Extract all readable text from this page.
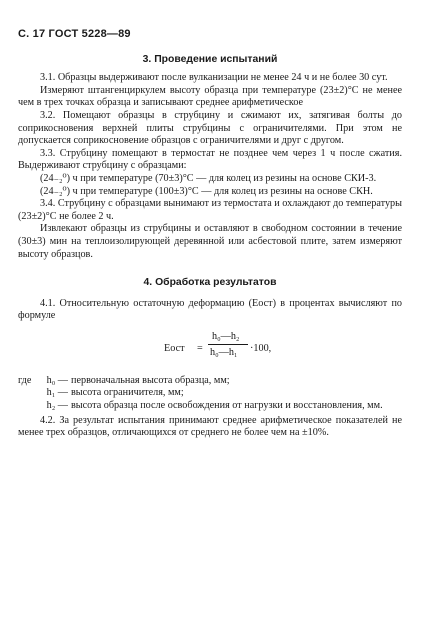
С. 17 ГОСТ 5228—89
3. Проведение испытаний

3.1. Образцы выдерживают после вулканизации не менее 24 ч и не более 30 сут.

Измеряют штангенциркулем высоту образца при температуре (23±2)°С не менее чем в трех точках образца и записывают среднее арифметическое

3.2. Помещают образцы в струбцину и сжимают их, затягивая болты до соприкосновения верхней плиты струбцины с ограничителями. При этом не допускается соприкосновение образцов с ограничителями и друг с другом.

3.3. Струбцину помещают в термостат не позднее чем через 1 ч после сжатия. Выдерживают струбцину с образцами:

(24₋₂⁰) ч при температуре (70±3)°С — для колец из резины на основе СКИ-3.

(24₋₂⁰) ч при температуре (100±3)°С — для колец из резины на основе СКН.

3.4. Струбцину с образцами вынимают из термостата и охлаждают до температуры (23±2)°С не более 2 ч.

Извлекают образцы из струбцины и оставляют в свободном состоянии в течение (30±3) мин на теплоизолирующей деревянной или асбестовой плите, затем измеряют высоту образцов.

4. Обработка результатов

4.1. Относительную остаточную деформацию (Еост) в процентах вычисляют по формуле

Eост =
h₀—h₂
h₀—h₁ ·100,
где	h₀ — первоначальная высота образца, мм;
h₁ — высота ограничителя, мм;
h₂ — высота образца после освобождения от нагрузки и восстановления, мм.

4.2. За результат испытания принимают среднее арифметическое показателей не менее трех образцов, отличающихся от среднего не более чем на ±10%.
